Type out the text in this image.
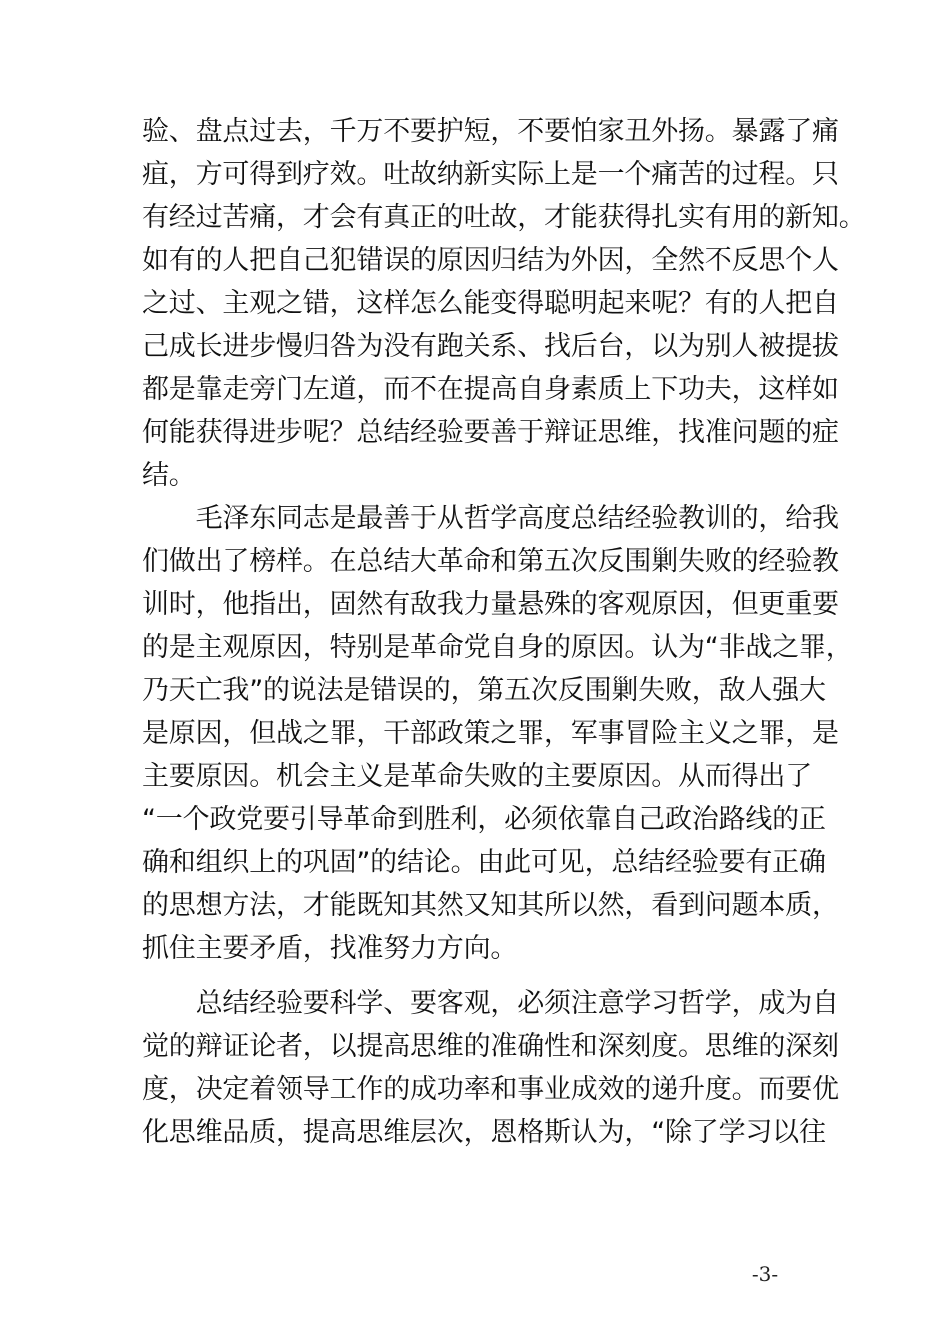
验、盘点过去，千万不要护短，不要怕家丑外扬。暴露了痛
疽，方可得到疗效。吐故纳新实际上是一个痛苦的过程。只
有经过苦痛，才会有真正的吐故，才能获得扎实有用的新知。
如有的人把自己犯错误的原因归结为外因，全然不反思个人
之过、主观之错，这样怎么能变得聪明起来呢？有的人把自
己成长进步慢归咎为没有跑关系、找后台，以为别人被提拔
都是靠走旁门左道，而不在提高自身素质上下功夫，这样如
何能获得进步呢？总结经验要善于辩证思维，找准问题的症
结。
　　毛泽东同志是最善于从哲学高度总结经验教训的，给我
们做出了榜样。在总结大革命和第五次反围剿失败的经验教
训时，他指出，固然有敌我力量悬殊的客观原因，但更重要
的是主观原因，特别是革命党自身的原因。认为“非战之罪，
乃天亡我”的说法是错误的，第五次反围剿失败，敌人强大
是原因，但战之罪，干部政策之罪，军事冒险主义之罪，是
主要原因。机会主义是革命失败的主要原因。从而得出了
“一个政党要引导革命到胜利，必须依靠自己政治路线的正
确和组织上的巩固”的结论。由此可见，总结经验要有正确
的思想方法，才能既知其然又知其所以然，看到问题本质，
抓住主要矛盾，找准努力方向。
　　总结经验要科学、要客观，必须注意学习哲学，成为自
觉的辩证论者，以提高思维的准确性和深刻度。思维的深刻
度，决定着领导工作的成功率和事业成效的递升度。而要优
化思维品质，提高思维层次，恩格斯认为，“除了学习以往
-3-
